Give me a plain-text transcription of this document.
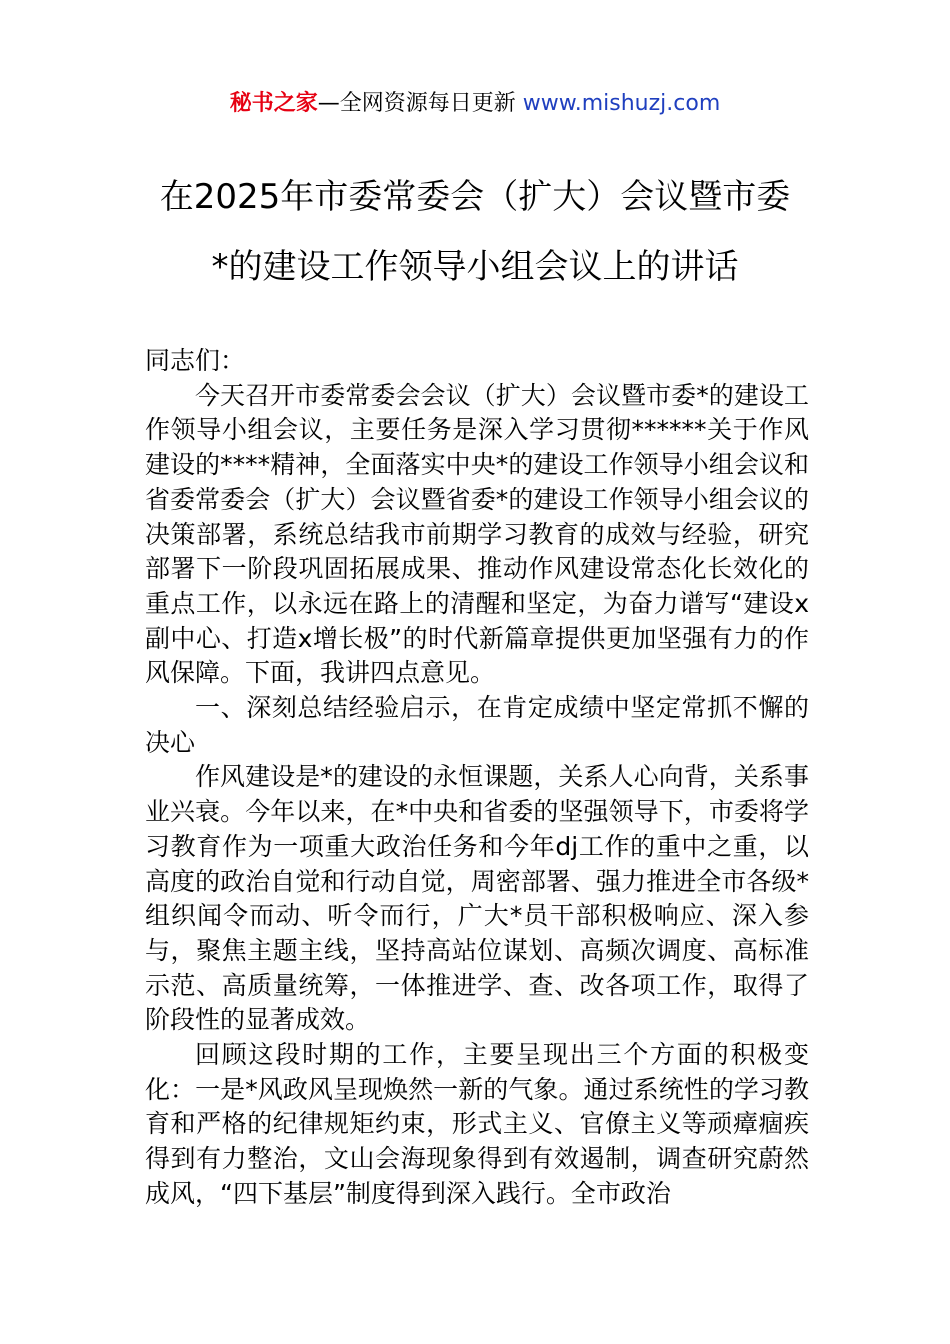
秘书之家—全网资源每日更新 www.mishuzj.com
在2025年市委常委会（扩大）会议暨市委
*的建设工作领导小组会议上的讲话

同志们：

今天召开市委常委会会议（扩大）会议暨市委*的建设工作领导小组会议，主要任务是深入学习贯彻******关于作风建设的****精神，全面落实中央*的建设工作领导小组会议和省委常委会（扩大）会议暨省委*的建设工作领导小组会议的决策部署，系统总结我市前期学习教育的成效与经验，研究部署下一阶段巩固拓展成果、推动作风建设常态化长效化的重点工作，以永远在路上的清醒和坚定，为奋力谱写“建设x副中心、打造x增长极”的时代新篇章提供更加坚强有力的作风保障。下面，我讲四点意见。

一、深刻总结经验启示，在肯定成绩中坚定常抓不懈的决心

作风建设是*的建设的永恒课题，关系人心向背，关系事业兴衰。今年以来，在*中央和省委的坚强领导下，市委将学习教育作为一项重大政治任务和今年dj工作的重中之重，以高度的政治自觉和行动自觉，周密部署、强力推进全市各级*组织闻令而动、听令而行，广大*员干部积极响应、深入参与，聚焦主题主线，坚持高站位谋划、高频次调度、高标准示范、高质量统筹，一体推进学、查、改各项工作，取得了阶段性的显著成效。

回顾这段时期的工作，主要呈现出三个方面的积极变化：一是*风政风呈现焕然一新的气象。通过系统性的学习教育和严格的纪律规矩约束，形式主义、官僚主义等顽瘴痼疾得到有力整治，文山会海现象得到有效遏制，调查研究蔚然成风，“四下基层”制度得到深入践行。全市政治
